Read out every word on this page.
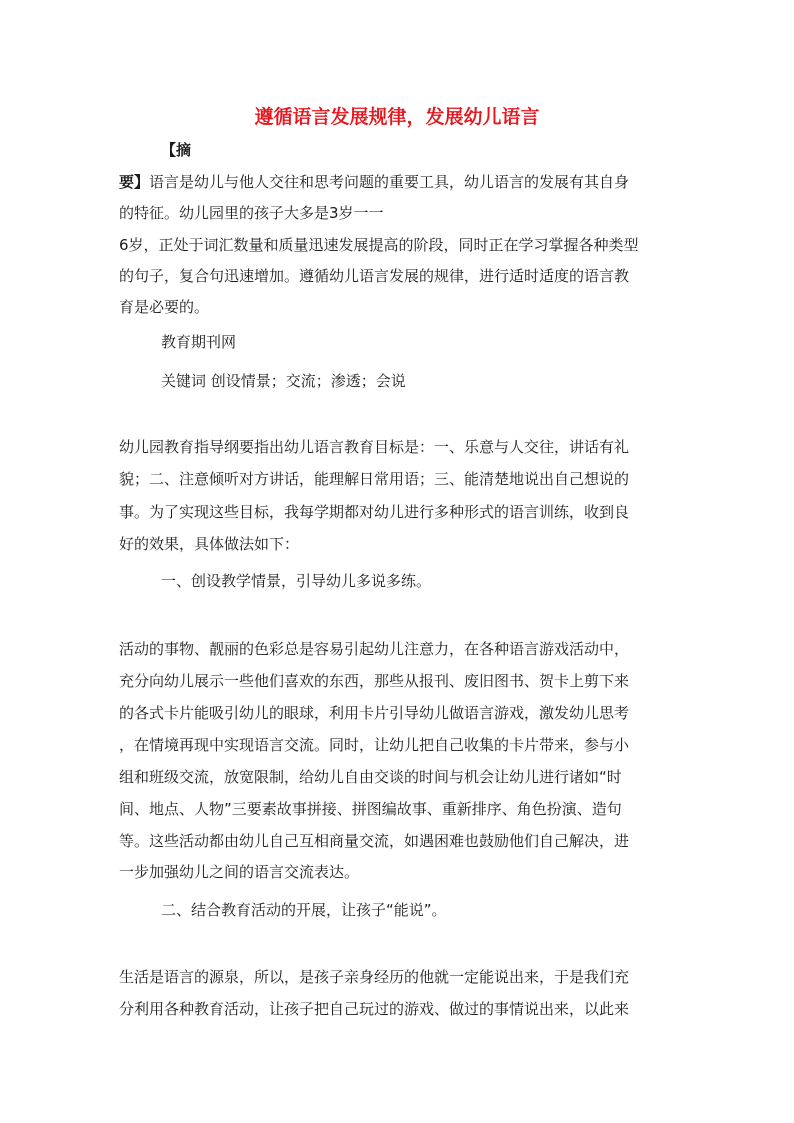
遵循语言发展规律，发展幼儿语言
【摘
要】语言是幼儿与他人交往和思考问题的重要工具，幼儿语言的发展有其自身
的特征。幼儿园里的孩子大多是3岁一一
6岁，正处于词汇数量和质量迅速发展提高的阶段，同时正在学习掌握各种类型
的句子，复合句迅速增加。遵循幼儿语言发展的规律，进行适时适度的语言教
育是必要的。
教育期刊网
关键词 创设情景；交流；渗透；会说
幼儿园教育指导纲要指出幼儿语言教育目标是：一、乐意与人交往，讲话有礼
貌；二、注意倾听对方讲话，能理解日常用语；三、能清楚地说出自己想说的
事。为了实现这些目标，我每学期都对幼儿进行多种形式的语言训练，收到良
好的效果，具体做法如下：
一、创设教学情景，引导幼儿多说多练。
活动的事物、靓丽的色彩总是容易引起幼儿注意力，在各种语言游戏活动中，
充分向幼儿展示一些他们喜欢的东西，那些从报刊、废旧图书、贺卡上剪下来
的各式卡片能吸引幼儿的眼球，利用卡片引导幼儿做语言游戏，激发幼儿思考
，在情境再现中实现语言交流。同时，让幼儿把自己收集的卡片带来，参与小
组和班级交流，放宽限制，给幼儿自由交谈的时间与机会让幼儿进行诸如“时
间、地点、人物”三要素故事拼接、拼图编故事、重新排序、角色扮演、造句
等。这些活动都由幼儿自己互相商量交流，如遇困难也鼓励他们自己解决，进
一步加强幼儿之间的语言交流表达。
二、结合教育活动的开展，让孩子“能说”。
生活是语言的源泉，所以，是孩子亲身经历的他就一定能说出来，于是我们充
分利用各种教育活动，让孩子把自己玩过的游戏、做过的事情说出来，以此来
